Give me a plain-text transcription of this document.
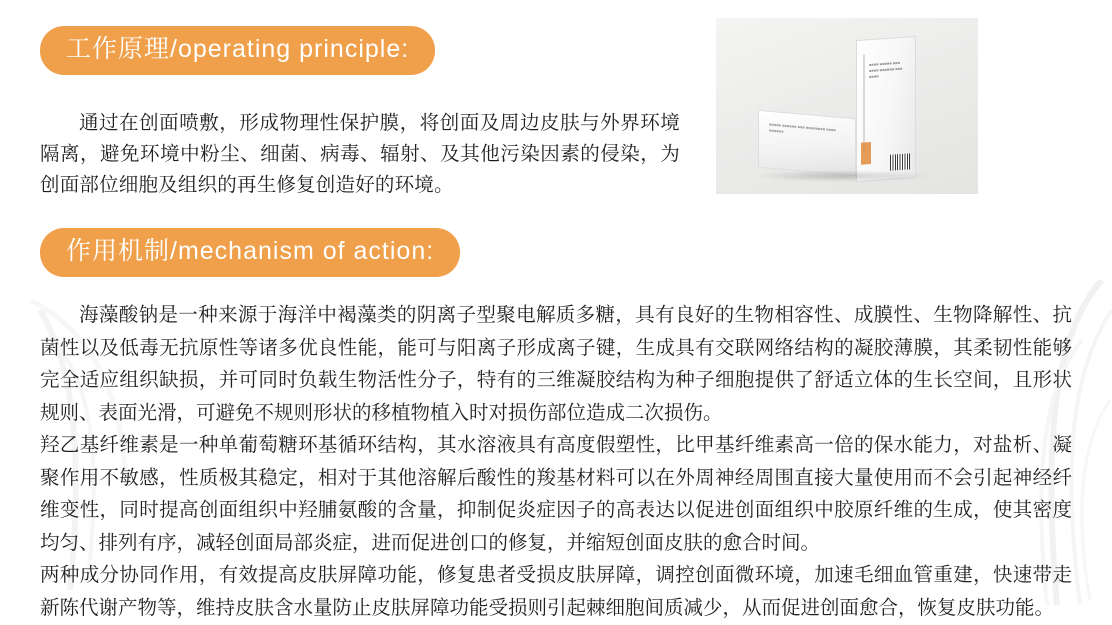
工作原理/operating principle:
通过在创面喷敷，形成物理性保护膜，将创面及周边皮肤与外界环境隔离，避免环境中粉尘、细菌、病毒、辐射、及其他污染因素的侵染，为创面部位细胞及组织的再生修复创造好的环境。
■■■■■ ■■■■■■ ■■■ ■■■■■■■■ ■■■■ ■■■■■■
■■■■ ■■■■■ ■■■ ■■■■ ■■■■■■ ■■■ ■■■■
作用机制/mechanism of action:

海藻酸钠是一种来源于海洋中褐藻类的阴离子型聚电解质多糖，具有良好的生物相容性、成膜性、生物降解性、抗菌性以及低毒无抗原性等诸多优良性能，能可与阳离子形成离子键，生成具有交联网络结构的凝胶薄膜，其柔韧性能够完全适应组织缺损，并可同时负载生物活性分子，特有的三维凝胶结构为种子细胞提供了舒适立体的生长空间，且形状规则、表面光滑，可避免不规则形状的移植物植入时对损伤部位造成二次损伤。

羟乙基纤维素是一种单葡萄糖环基循环结构，其水溶液具有高度假塑性，比甲基纤维素高一倍的保水能力，对盐析、凝聚作用不敏感，性质极其稳定，相对于其他溶解后酸性的羧基材料可以在外周神经周围直接大量使用而不会引起神经纤维变性，同时提高创面组织中羟脯氨酸的含量，抑制促炎症因子的高表达以促进创面组织中胶原纤维的生成，使其密度均匀、排列有序，减轻创面局部炎症，进而促进创口的修复，并缩短创面皮肤的愈合时间。

两种成分协同作用，有效提高皮肤屏障功能，修复患者受损皮肤屏障，调控创面微环境，加速毛细血管重建，快速带走新陈代谢产物等，维持皮肤含水量防止皮肤屏障功能受损则引起棘细胞间质减少，从而促进创面愈合，恢复皮肤功能。
